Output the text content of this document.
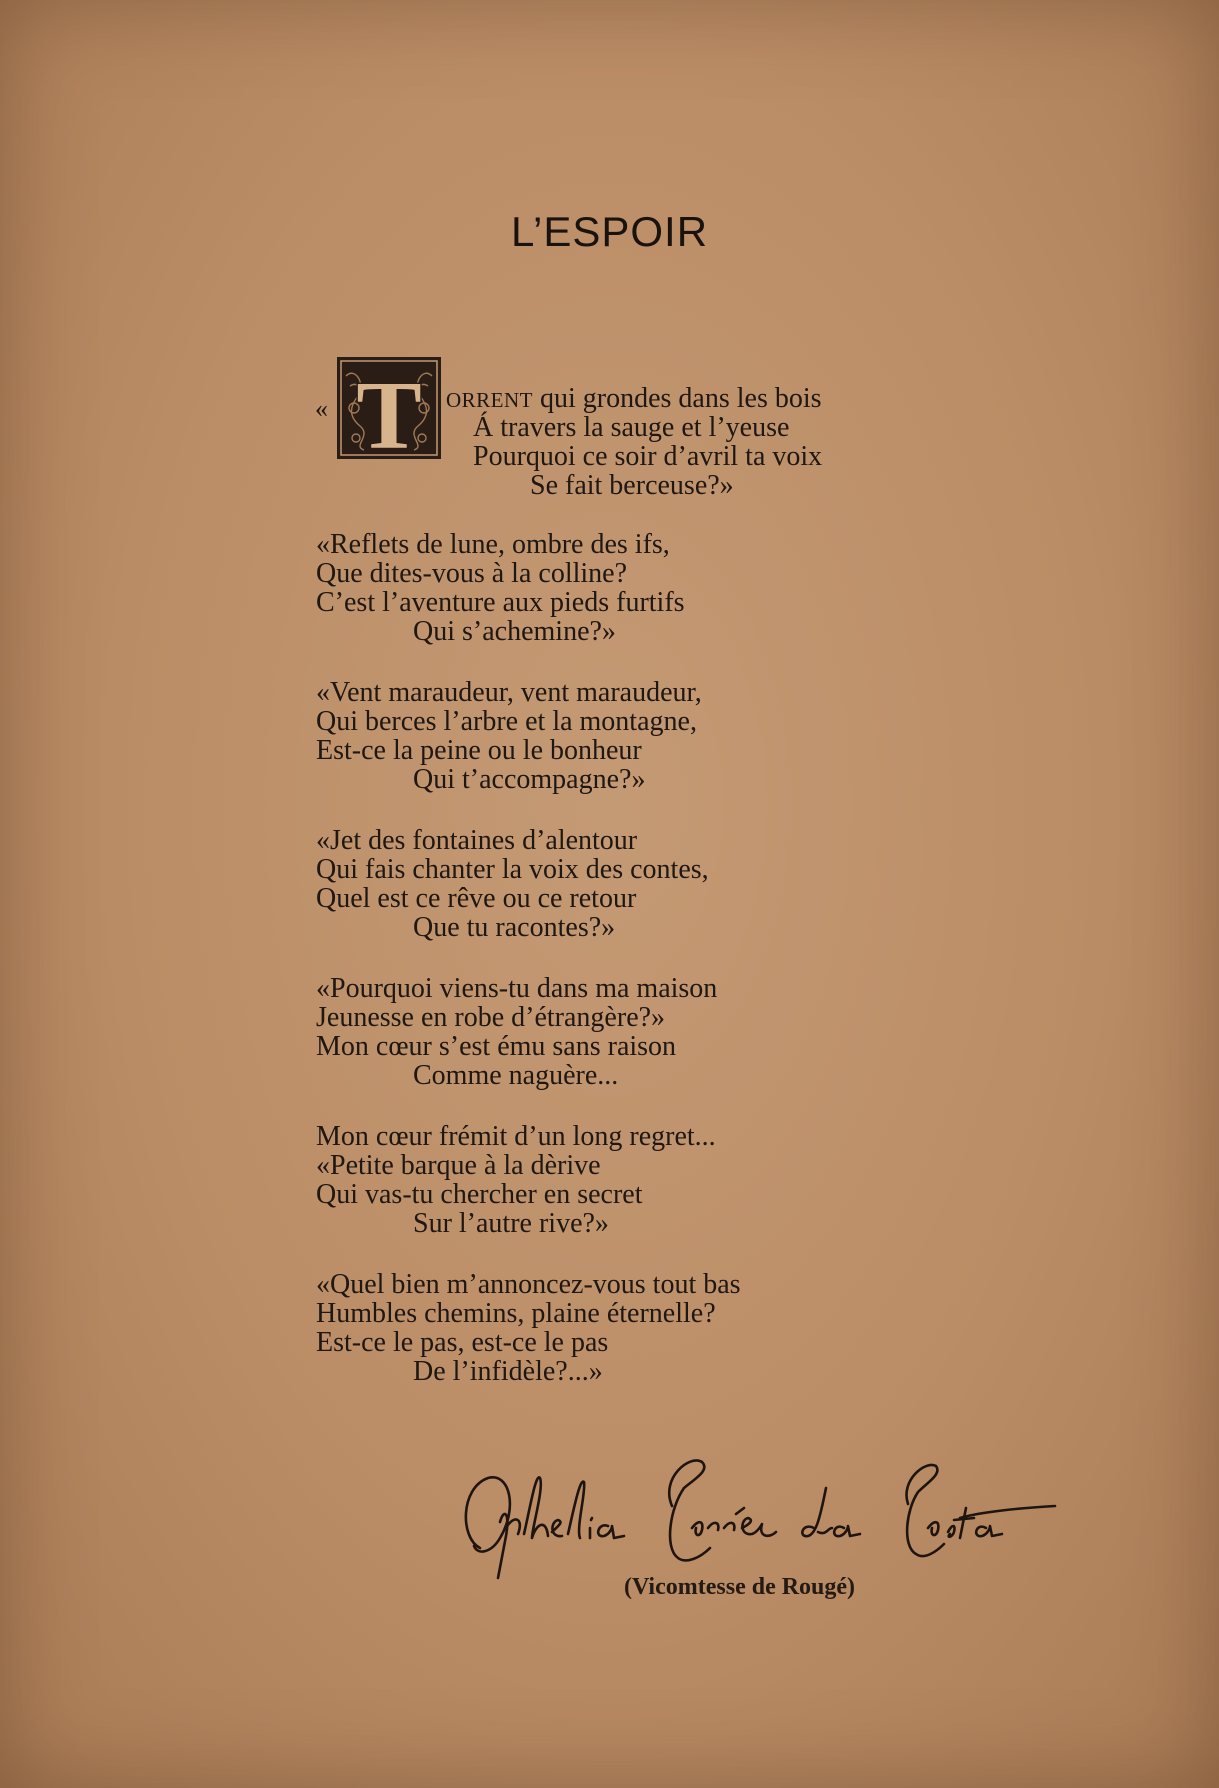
L’ESPOIR
« T ORRENT qui grondes dans les bois
Á travers la sauge et l’yeuse
Pourquoi ce soir d’avril ta voix
Se fait berceuse?»
«Reflets de lune, ombre des ifs,
Que dites-vous à la colline?
C’est l’aventure aux pieds furtifs
Qui s’achemine?»
«Vent maraudeur, vent maraudeur,
Qui berces l’arbre et la montagne,
Est-ce la peine ou le bonheur
Qui t’accompagne?»
«Jet des fontaines d’alentour
Qui fais chanter la voix des contes,
Quel est ce rêve ou ce retour
Que tu racontes?»
«Pourquoi viens-tu dans ma maison
Jeunesse en robe d’étrangère?»
Mon cœur s’est ému sans raison
Comme naguère...
Mon cœur frémit d’un long regret...
«Petite barque à la dèrive
Qui vas-tu chercher en secret
Sur l’autre rive?»
«Quel bien m’annoncez-vous tout bas
Humbles chemins, plaine éternelle?
Est-ce le pas, est-ce le pas
De l’infidèle?...»
(Vicomtesse de Rougé)
